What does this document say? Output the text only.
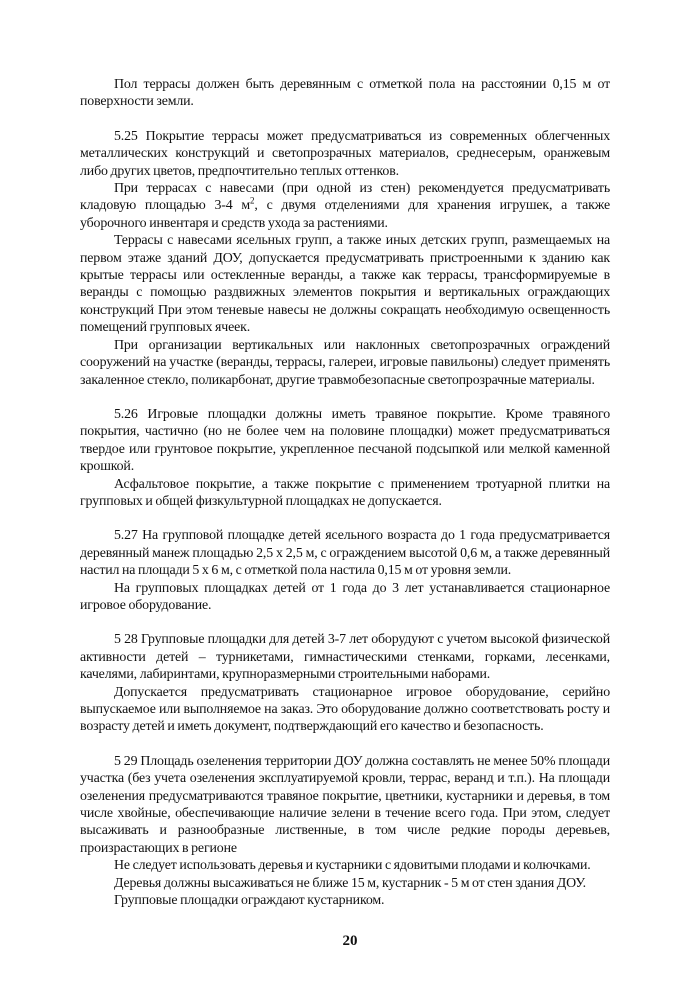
Пол террасы должен быть деревянным с отметкой пола на расстоянии 0,15 м от поверхности земли.

5.25 Покрытие террасы может предусматриваться из современных облегченных металлических конструкций и светопрозрачных материалов, среднесерым, оранжевым либо других цветов, предпочтительно теплых оттенков.

При террасах с навесами (при одной из стен) рекомендуется предусматривать кладовую площадью 3-4 $м^2$, с двумя отделениями для хранения игрушек, а также уборочного инвентаря и средств ухода за растениями.

Террасы с навесами ясельных групп, а также иных детских групп, размещаемых на первом этаже зданий ДОУ, допускается предусматривать пристроенными к зданию как крытые террасы или остекленные веранды, а также как террасы, трансформируемые в веранды с помощью раздвижных элементов покрытия и вертикальных ограждающих конструкций При этом теневые навесы не должны сокращать необходимую освещенность помещений групповых ячеек.

При организации вертикальных или наклонных светопрозрачных ограждений сооружений на участке (веранды, террасы, галереи, игровые павильоны) следует применять закаленное стекло, поликарбонат, другие травмобезопасные светопрозрачные материалы.

5.26 Игровые площадки должны иметь травяное покрытие. Кроме травяного покрытия, частично (но не более чем на половине площадки) может предусматриваться твердое или грунтовое покрытие, укрепленное песчаной подсыпкой или мелкой каменной крошкой.

Асфальтовое покрытие, а также покрытие с применением тротуарной плитки на групповых и общей физкультурной площадках не допускается.

5.27 На групповой площадке детей ясельного возраста до 1 года предусматривается деревянный манеж площадью 2,5 х 2,5 м, с ограждением высотой 0,6 м, а также деревянный настил на площади 5 х 6 м, с отметкой пола настила 0,15 м от уровня земли.

На групповых площадках детей от 1 года до 3 лет устанавливается стационарное игровое оборудование.

5 28 Групповые площадки для детей 3-7 лет оборудуют с учетом высокой физической активности детей – турникетами, гимнастическими стенками, горками, лесенками, качелями, лабиринтами, крупноразмерными строительными наборами.

Допускается предусматривать стационарное игровое оборудование, серийно выпускаемое или выполняемое на заказ. Это оборудование должно соответствовать росту и возрасту детей и иметь документ, подтверждающий его качество и безопасность.

5 29 Площадь озеленения территории ДОУ должна составлять не менее 50% площади участка (без учета озеленения эксплуатируемой кровли, террас, веранд и т.п.). На площади озеленения предусматриваются травяное покрытие, цветники, кустарники и деревья, в том числе хвойные, обеспечивающие наличие зелени в течение всего года. При этом, следует высаживать и разнообразные лиственные, в том числе редкие породы деревьев, произрастающих в регионе

Не следует использовать деревья и кустарники с ядовитыми плодами и колючками.

Деревья должны высаживаться не ближе 15 м, кустарник - 5 м от стен здания ДОУ.

Групповые площадки ограждают кустарником.

20
